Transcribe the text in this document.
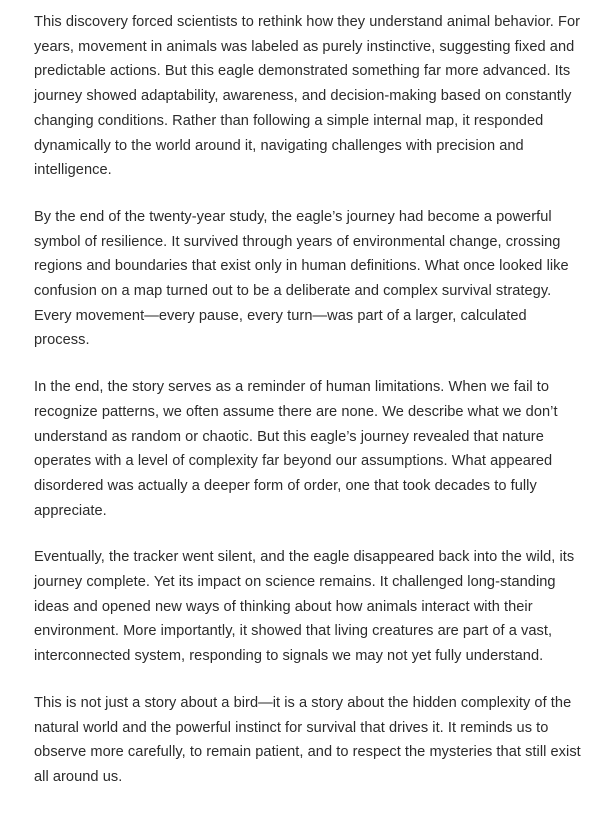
This discovery forced scientists to rethink how they understand animal behavior. For years, movement in animals was labeled as purely instinctive, suggesting fixed and predictable actions. But this eagle demonstrated something far more advanced. Its journey showed adaptability, awareness, and decision-making based on constantly changing conditions. Rather than following a simple internal map, it responded dynamically to the world around it, navigating challenges with precision and intelligence.

By the end of the twenty-year study, the eagle’s journey had become a powerful symbol of resilience. It survived through years of environmental change, crossing regions and boundaries that exist only in human definitions. What once looked like confusion on a map turned out to be a deliberate and complex survival strategy. Every movement—every pause, every turn—was part of a larger, calculated process.

In the end, the story serves as a reminder of human limitations. When we fail to recognize patterns, we often assume there are none. We describe what we don’t understand as random or chaotic. But this eagle’s journey revealed that nature operates with a level of complexity far beyond our assumptions. What appeared disordered was actually a deeper form of order, one that took decades to fully appreciate.

Eventually, the tracker went silent, and the eagle disappeared back into the wild, its journey complete. Yet its impact on science remains. It challenged long-standing ideas and opened new ways of thinking about how animals interact with their environment. More importantly, it showed that living creatures are part of a vast, interconnected system, responding to signals we may not yet fully understand.

This is not just a story about a bird—it is a story about the hidden complexity of the natural world and the powerful instinct for survival that drives it. It reminds us to observe more carefully, to remain patient, and to respect the mysteries that still exist all around us.
